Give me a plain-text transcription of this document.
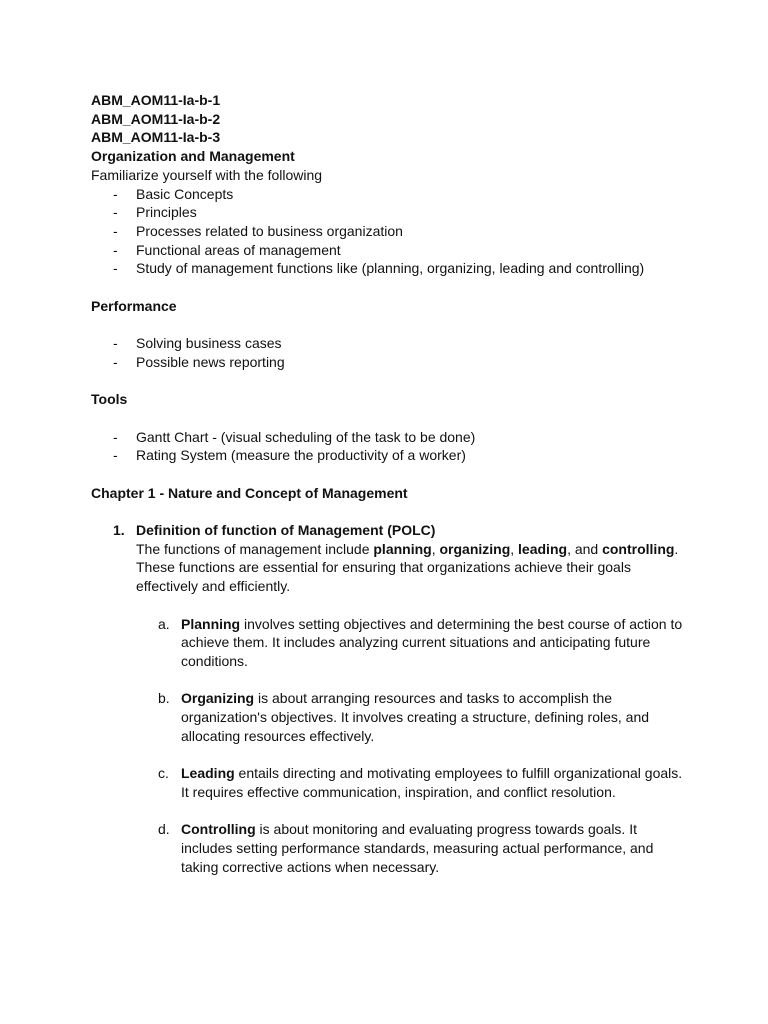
ABM_AOM11-Ia-b-1
ABM_AOM11-Ia-b-2
ABM_AOM11-Ia-b-3
Organization and Management
Familiarize yourself with the following
- Basic Concepts
- Principles
- Processes related to business organization
- Functional areas of management
- Study of management functions like (planning, organizing, leading and controlling)
Performance
- Solving business cases
- Possible news reporting
Tools
- Gantt Chart - (visual scheduling of the task to be done)
- Rating System (measure the productivity of a worker)
Chapter 1 - Nature and Concept of Management
1. Definition of function of Management (POLC)
The functions of management include planning, organizing, leading, and controlling.
These functions are essential for ensuring that organizations achieve their goals
effectively and efficiently.
a. Planning involves setting objectives and determining the best course of action to
achieve them. It includes analyzing current situations and anticipating future
conditions.
b. Organizing is about arranging resources and tasks to accomplish the
organization's objectives. It involves creating a structure, defining roles, and
allocating resources effectively.
c. Leading entails directing and motivating employees to fulfill organizational goals.
It requires effective communication, inspiration, and conflict resolution.
d. Controlling is about monitoring and evaluating progress towards goals. It
includes setting performance standards, measuring actual performance, and
taking corrective actions when necessary.
